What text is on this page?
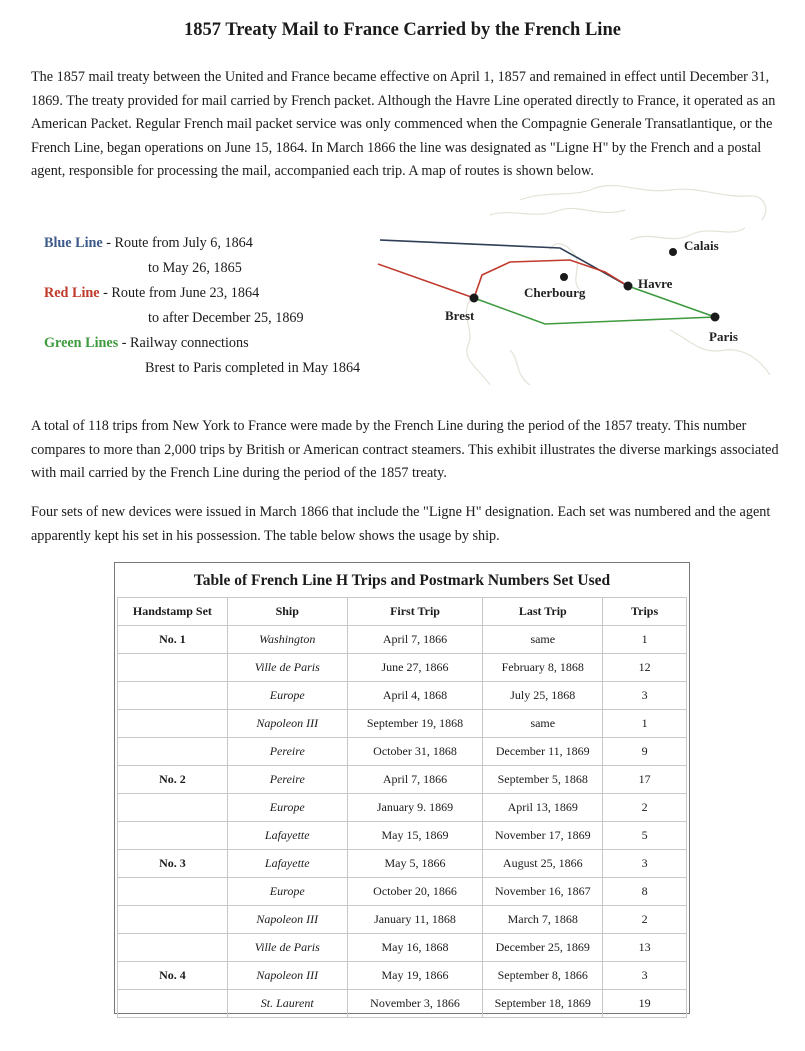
1857 Treaty Mail to France Carried by the French Line

The 1857 mail treaty between the United and France became effective on April 1, 1857 and remained in effect until December 31, 1869. The treaty provided for mail carried by French packet. Although the Havre Line operated directly to France, it operated as an American Packet. Regular French mail packet service was only commenced when the Compagnie Generale Transatlantique, or the French Line, began operations on June 15, 1864. In March 1866 the line was designated as "Ligne H" by the French and a postal agent, responsible for processing the mail, accompanied each trip. A map of routes is shown below.

Blue Line - Route from July 6, 1864

to May 26, 1865

Red Line - Route from June 23, 1864

to after December 25, 1869

Green Lines - Railway connections

Brest to Paris completed in May 1864

Calais
Cherbourg
Havre
Brest
Paris

A total of 118 trips from New York to France were made by the French Line during the period of the 1857 treaty. This number compares to more than 2,000 trips by British or American contract steamers. This exhibit illustrates the diverse markings associated with mail carried by the French Line during the period of the 1857 treaty.

Four sets of new devices were issued in March 1866 that include the "Ligne H" designation. Each set was numbered and the agent apparently kept his set in his possession. The table below shows the usage by ship.

Table of French Line H Trips and Postmark Numbers Set Used

Handstamp Set	Ship	First Trip	Last Trip	Trips
No. 1	Washington	April 7, 1866	same	1
	Ville de Paris	June 27, 1866	February 8, 1868	12
	Europe	April 4, 1868	July 25, 1868	3
	Napoleon III	September 19, 1868	same	1
	Pereire	October 31, 1868	December 11, 1869	9
No. 2	Pereire	April 7, 1866	September 5, 1868	17
	Europe	January 9. 1869	April 13, 1869	2
	Lafayette	May 15, 1869	November 17, 1869	5
No. 3	Lafayette	May 5, 1866	August 25, 1866	3
	Europe	October 20, 1866	November 16, 1867	8
	Napoleon III	January 11, 1868	March 7, 1868	2
	Ville de Paris	May 16, 1868	December 25, 1869	13
No. 4	Napoleon III	May 19, 1866	September 8, 1866	3
	St. Laurent	November 3, 1866	September 18, 1869	19
